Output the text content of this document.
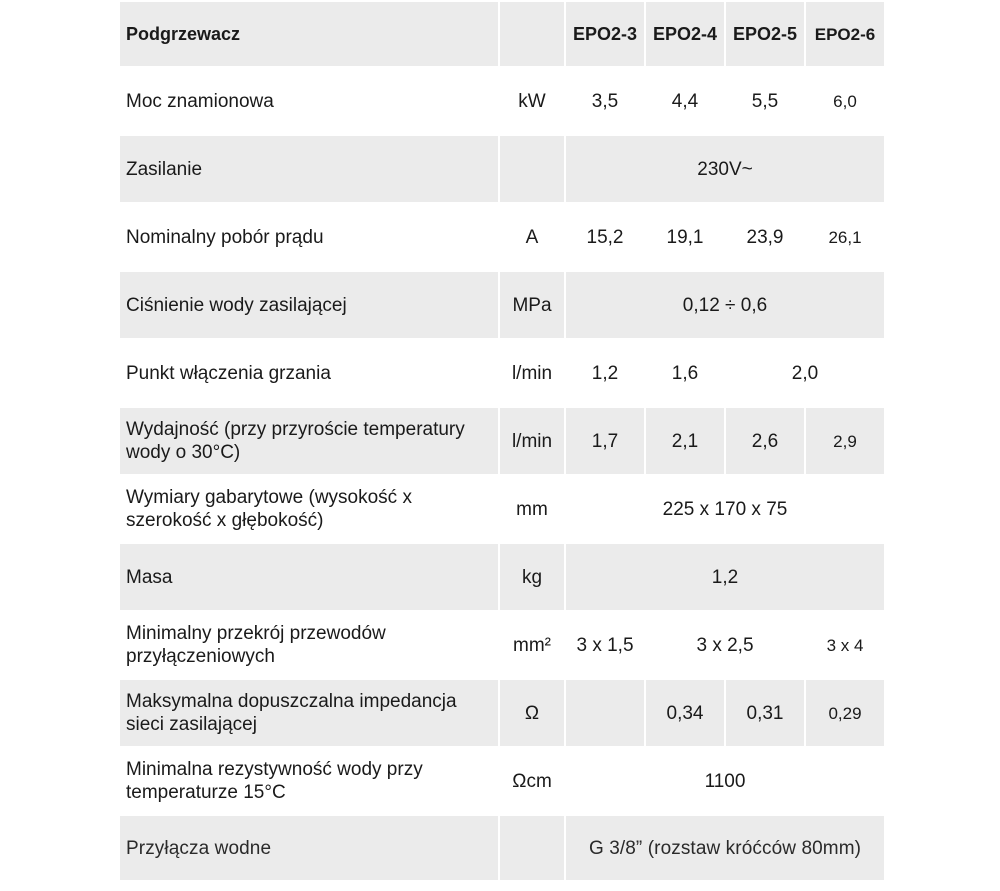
Podgrzewacz		EPO2-3	EPO2-4	EPO2-5	EPO2-6
Moc znamionowa	kW	3,5	4,4	5,5	6,0
Zasilanie		230V~			
Nominalny pobór prądu	A	15,2	19,1	23,9	26,1
Ciśnienie wody zasilającej	MPa	0,12 ÷ 0,6			
Punkt włączenia grzania	l/min	1,2	1,6	2,0	
Wydajność (przy przyroście temperatury
wody o 30°C)	l/min	1,7	2,1	2,6	2,9
Wymiary gabarytowe (wysokość x
szerokość x głębokość)	mm	225 x 170 x 75			
Masa	kg	1,2			
Minimalny przekrój przewodów
przyłączeniowych	mm²	3 x 1,5	3 x 2,5		3 x 4
Maksymalna dopuszczalna impedancja
sieci zasilającej	Ω		0,34	0,31	0,29
Minimalna rezystywność wody przy
temperaturze 15°C	Ωcm	1100			
Przyłącza wodne		G 3/8” (rozstaw króćców 80mm)			
